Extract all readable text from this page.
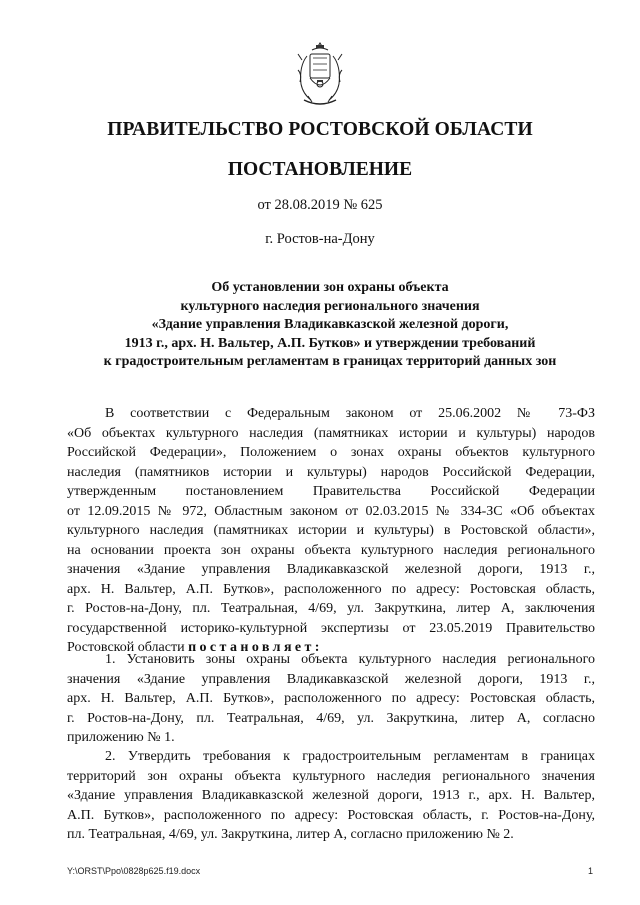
ПРАВИТЕЛЬСТВО РОСТОВСКОЙ ОБЛАСТИ
ПОСТАНОВЛЕНИЕ
от 28.08.2019 № 625
г. Ростов-на-Дону
Об установлении зон охраны объекта
культурного наследия регионального значения
«Здание управления Владикавказской железной дороги,
1913 г., арх. Н. Вальтер, А.П. Бутков» и утверждении требований
к градостроительным регламентам в границах территорий данных зон
В соответствии с Федеральным законом от 25.06.2002 № 73-ФЗ
«Об объектах культурного наследия (памятниках истории и культуры) народов
Российской Федерации», Положением о зонах охраны объектов культурного
наследия (памятников истории и культуры) народов Российской Федерации,
утвержденным постановлением Правительства Российской Федерации
от 12.09.2015 № 972, Областным законом от 02.03.2015 № 334-ЗС «Об объектах
культурного наследия (памятниках истории и культуры) в Ростовской области»,
на основании проекта зон охраны объекта культурного наследия регионального
значения «Здание управления Владикавказской железной дороги, 1913 г.,
арх. Н. Вальтер, А.П. Бутков», расположенного по адресу: Ростовская область,
г. Ростов-на-Дону, пл. Театральная, 4/69, ул. Закруткина, литер А, заключения
государственной историко-культурной экспертизы от 23.05.2019 Правительство
Ростовской области постановляет:
1. Установить зоны охраны объекта культурного наследия регионального
значения «Здание управления Владикавказской железной дороги, 1913 г.,
арх. Н. Вальтер, А.П. Бутков», расположенного по адресу: Ростовская область,
г. Ростов-на-Дону, пл. Театральная, 4/69, ул. Закруткина, литер А, согласно
приложению № 1.
2. Утвердить требования к градостроительным регламентам в границах
территорий зон охраны объекта культурного наследия регионального значения
«Здание управления Владикавказской железной дороги, 1913 г., арх. Н. Вальтер,
А.П. Бутков», расположенного по адресу: Ростовская область, г. Ростов-на-Дону,
пл. Театральная, 4/69, ул. Закруткина, литер А, согласно приложению № 2.
Y:\ORST\Ppo\0828p625.f19.docx	1
